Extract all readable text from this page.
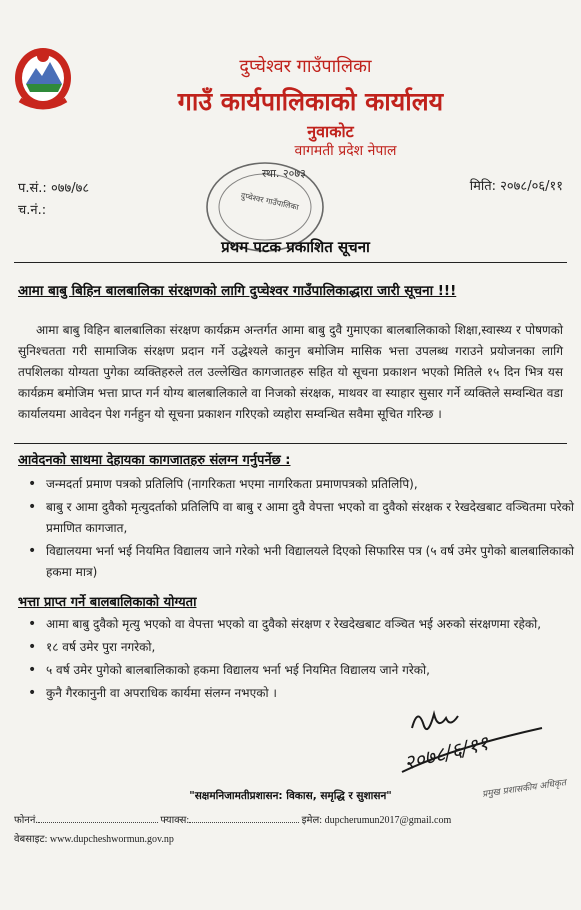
दुप्चेश्वर गाउँपालिका
गाउँ कार्यपालिकाको कार्यालय
नुवाकोट
वागमती प्रदेश नेपाल
स्था. २०७३
दुप्चेश्वर गाउँपालिका
प.सं.: ०७७/७८
च.नं.:
मिति: २०७८/०६/११
प्रथम पटक प्रकाशित सूचना
आमा बाबु बिहिन बालबालिका संरक्षणको लागि दुप्चेश्वर गाउँपालिकाद्धारा जारी सूचना !!!

आमा बाबु विहिन बालबालिका संरक्षण कार्यक्रम अन्तर्गत आमा बाबु दुवै गुमाएका बालबालिकाको शिक्षा,स्वास्थ्य र पोषणको सुनिश्चतता गरी सामाजिक संरक्षण प्रदान गर्ने उद्धेश्यले कानुन बमोजिम मासिक भत्ता उपलब्ध गराउने प्रयोजनका लागि तपशिलका योग्यता पुगेका व्यक्तिहरुले तल उल्लेखित कागजातहरु सहित यो सूचना प्रकाशन भएको मितिले १५ दिन भित्र यस कार्यक्रम बमोजिम भत्ता प्राप्त गर्न योग्य बालबालिकाले वा निजको संरक्षक, माथवर वा स्याहार सुसार गर्ने व्यक्तिले सम्वन्धित वडा कार्यालयमा आवेदन पेश गर्नहुन यो सूचना प्रकाशन गरिएको व्यहोरा सम्वन्धित सवैमा सूचित गरिन्छ ।

आवेदनको साथमा देहायका कागजातहरु संलग्न गर्नुपर्नेछ :
• जन्मदर्ता प्रमाण पत्रको प्रतिलिपि (नागरिकता भएमा नागरिकता प्रमाणपत्रको प्रतिलिपि),
• बाबु र आमा दुवैको मृत्युदर्ताको प्रतिलिपि वा बाबु र आमा दुवै वेपत्ता भएको वा दुवैको संरक्षक र रेखदेखबाट वञ्चितमा परेको प्रमाणित कागजात,
• विद्यालयमा भर्ना भई नियमित विद्यालय जाने गरेको भनी विद्यालयले दिएको सिफारिस पत्र (५ वर्ष उमेर पुगेको बालबालिकाको हकमा मात्र)
भत्ता प्राप्त गर्ने बालबालिकाको योग्यता
• आमा बाबु दुवैको मृत्यु भएको वा वेपत्ता भएको वा दुवैको संरक्षण र रेखदेखबाट वञ्चित भई अरुको संरक्षणमा रहेको,
• १८ वर्ष उमेर पुरा नगरेको,
• ५ वर्ष उमेर पुगेको बालबालिकाको हकमा विद्यालय भर्ना भई नियमित विद्यालय जाने गरेको,
• कुनै गैरकानुनी वा अपराधिक कार्यमा संलग्न नभएको ।
२०७८/६/११
प्रमुख प्रशासकीय अधिकृत
"सक्षमनिजामतीप्रशासन: विकास, समृद्धि र सुशासन"
फोननं.	फ्याक्स:	इमेल: dupcherumun2017@gmail.com
वेबसाइट: www.dupcheshwormun.gov.np
